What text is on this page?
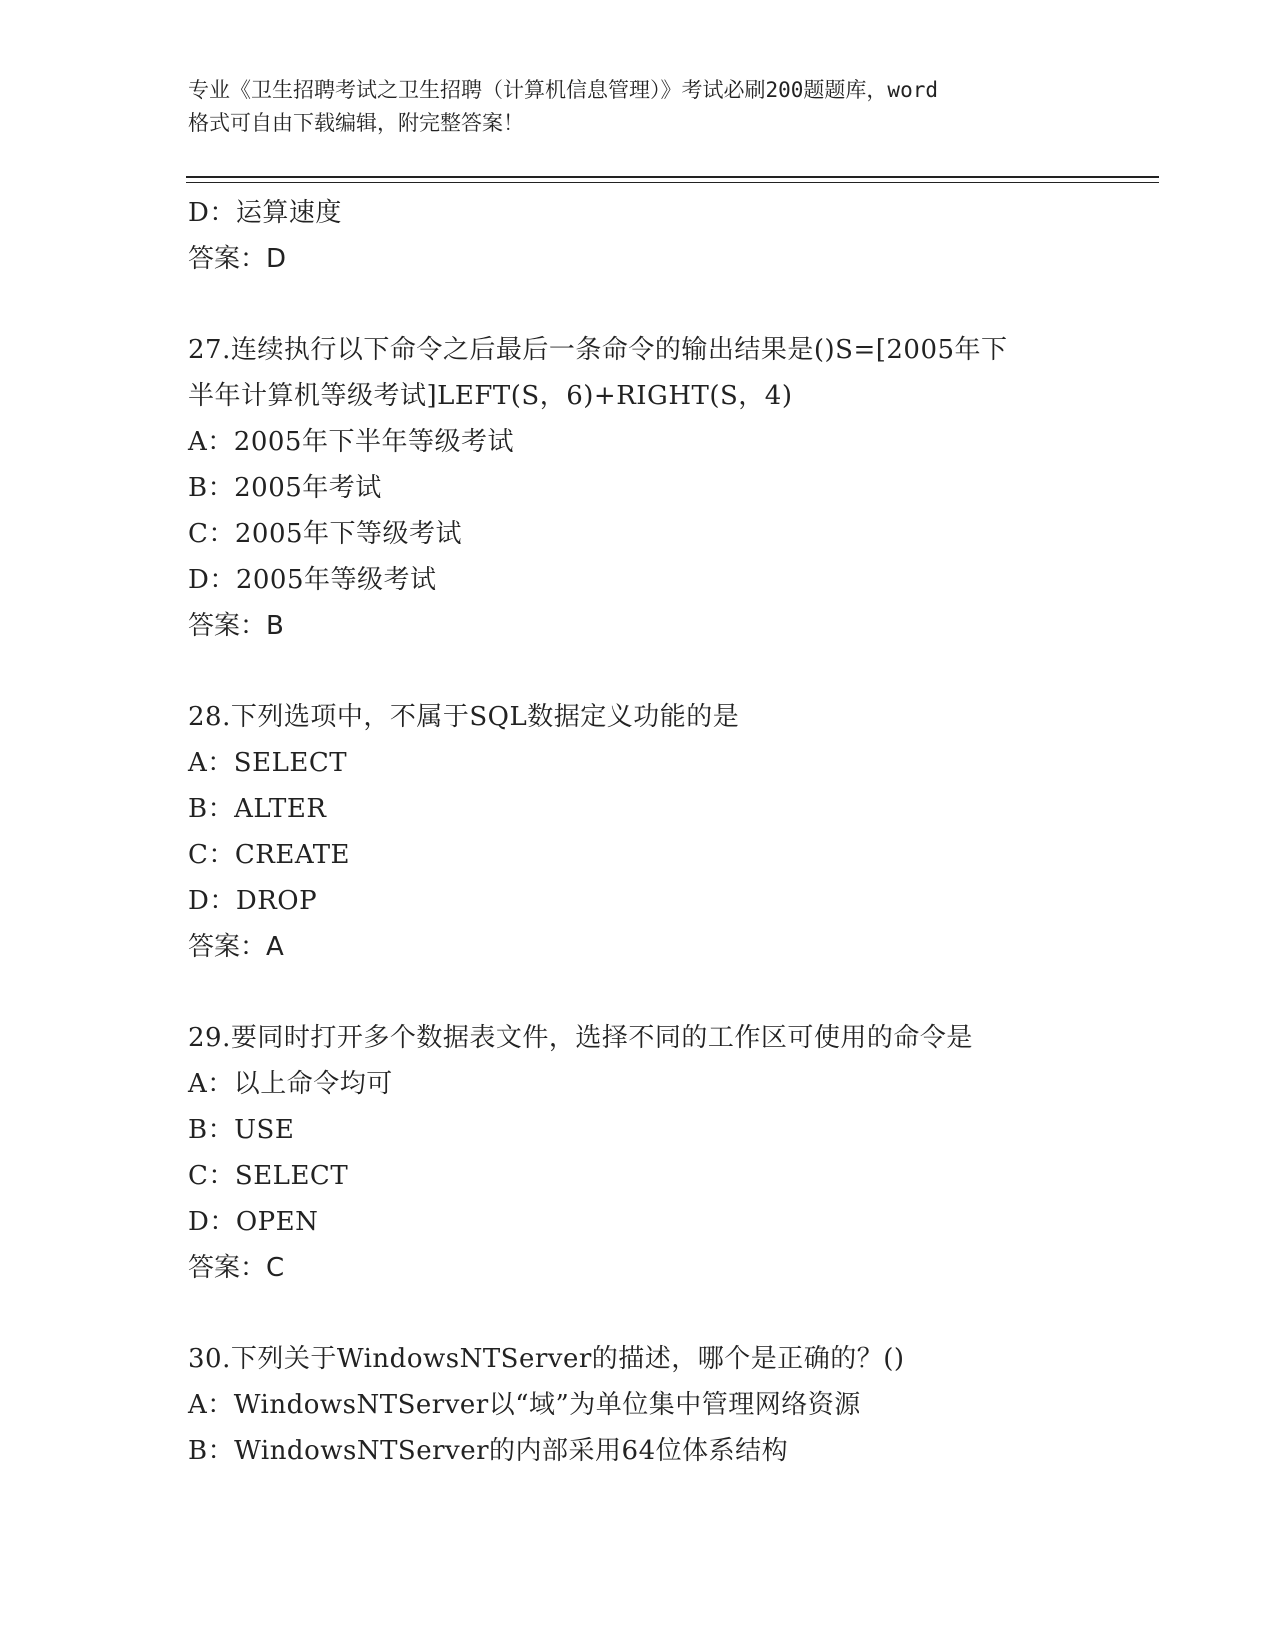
专业《卫生招聘考试之卫生招聘（计算机信息管理）》考试必刷200题题库，word
格式可自由下载编辑，附完整答案！
D：运算速度
答案：D
27.连续执行以下命令之后最后一条命令的输出结果是()S=[2005年下
半年计算机等级考试]LEFT(S，6)+RIGHT(S，4)
A：2005年下半年等级考试
B：2005年考试
C：2005年下等级考试
D：2005年等级考试
答案：B
28.下列选项中，不属于SQL数据定义功能的是
A：SELECT
B：ALTER
C：CREATE
D：DROP
答案：A
29.要同时打开多个数据表文件，选择不同的工作区可使用的命令是
A：以上命令均可
B：USE
C：SELECT
D：OPEN
答案：C
30.下列关于WindowsNTServer的描述，哪个是正确的？()
A：WindowsNTServer以“域”为单位集中管理网络资源
B：WindowsNTServer的内部采用64位体系结构
